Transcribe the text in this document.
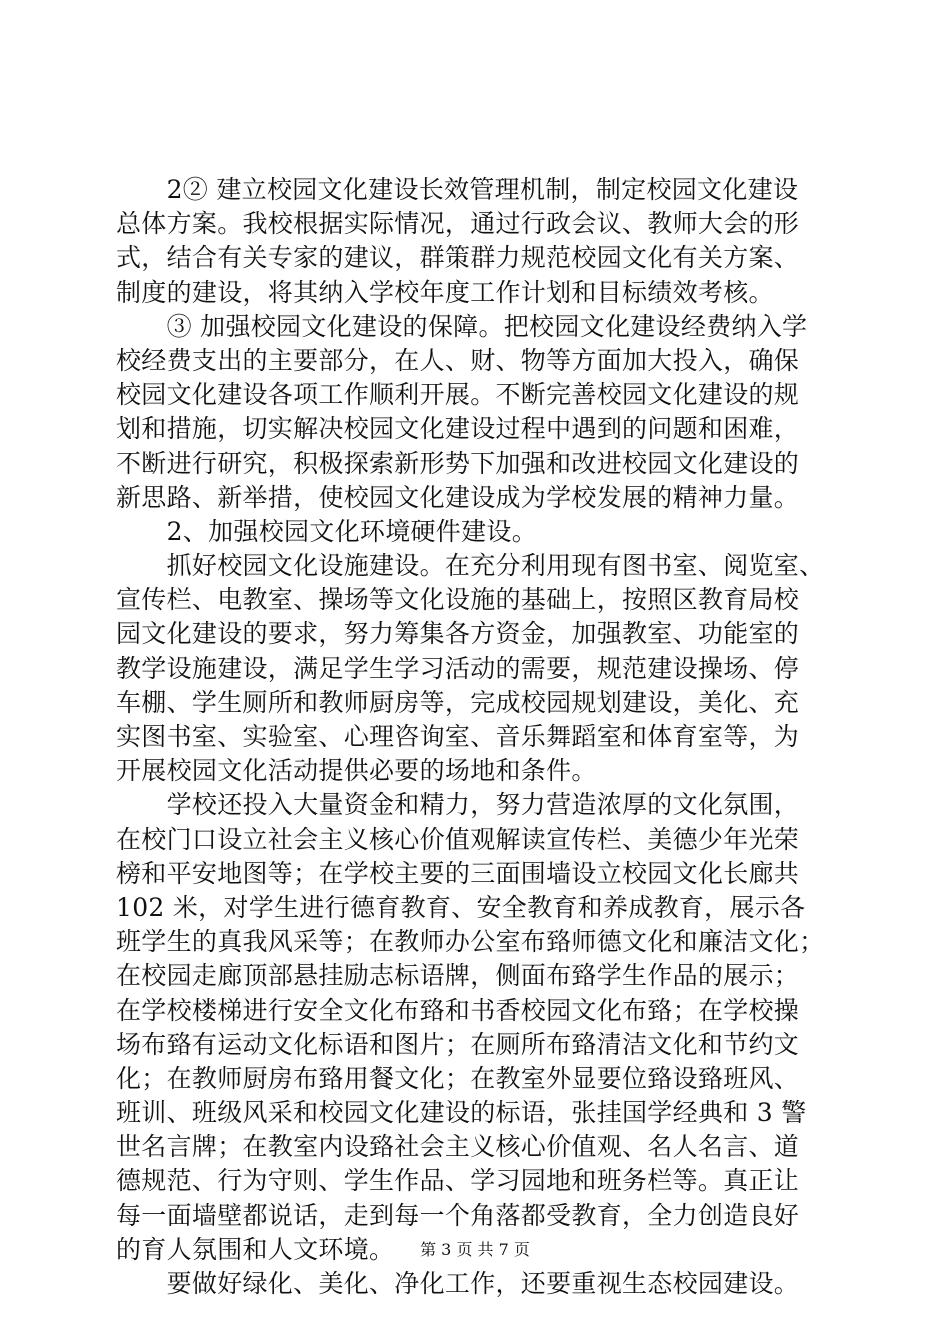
　　2② 建立校园文化建设长效管理机制，制定校园文化建设
总体方案。我校根据实际情况，通过行政会议、教师大会的形
式，结合有关专家的建议，群策群力规范校园文化有关方案、
制度的建设，将其纳入学校年度工作计划和目标绩效考核。
　　③ 加强校园文化建设的保障。把校园文化建设经费纳入学
校经费支出的主要部分，在人、财、物等方面加大投入，确保
校园文化建设各项工作顺利开展。不断完善校园文化建设的规
划和措施，切实解决校园文化建设过程中遇到的问题和困难，
不断进行研究，积极探索新形势下加强和改进校园文化建设的
新思路、新举措，使校园文化建设成为学校发展的精神力量。
　　2、加强校园文化环境硬件建设。
　　抓好校园文化设施建设。在充分利用现有图书室、阅览室、
宣传栏、电教室、操场等文化设施的基础上，按照区教育局校
园文化建设的要求，努力筹集各方资金，加强教室、功能室的
教学设施建设，满足学生学习活动的需要，规范建设操场、停
车棚、学生厕所和教师厨房等，完成校园规划建设，美化、充
实图书室、实验室、心理咨询室、音乐舞蹈室和体育室等，为
开展校园文化活动提供必要的场地和条件。
　　学校还投入大量资金和精力，努力营造浓厚的文化氛围，
在校门口设立社会主义核心价值观解读宣传栏、美德少年光荣
榜和平安地图等；在学校主要的三面围墙设立校园文化长廊共
102 米，对学生进行德育教育、安全教育和养成教育，展示各
班学生的真我风采等；在教师办公室布臵师德文化和廉洁文化；
在校园走廊顶部悬挂励志标语牌，侧面布臵学生作品的展示；
在学校楼梯进行安全文化布臵和书香校园文化布臵；在学校操
场布臵有运动文化标语和图片；在厕所布臵清洁文化和节约文
化；在教师厨房布臵用餐文化；在教室外显要位臵设臵班风、
班训、班级风采和校园文化建设的标语，张挂国学经典和 3 警
世名言牌；在教室内设臵社会主义核心价值观、名人名言、道
德规范、行为守则、学生作品、学习园地和班务栏等。真正让
每一面墙壁都说话，走到每一个角落都受教育，全力创造良好
的育人氛围和人文环境。
　　要做好绿化、美化、净化工作，还要重视生态校园建设。
第 3 页 共 7 页
